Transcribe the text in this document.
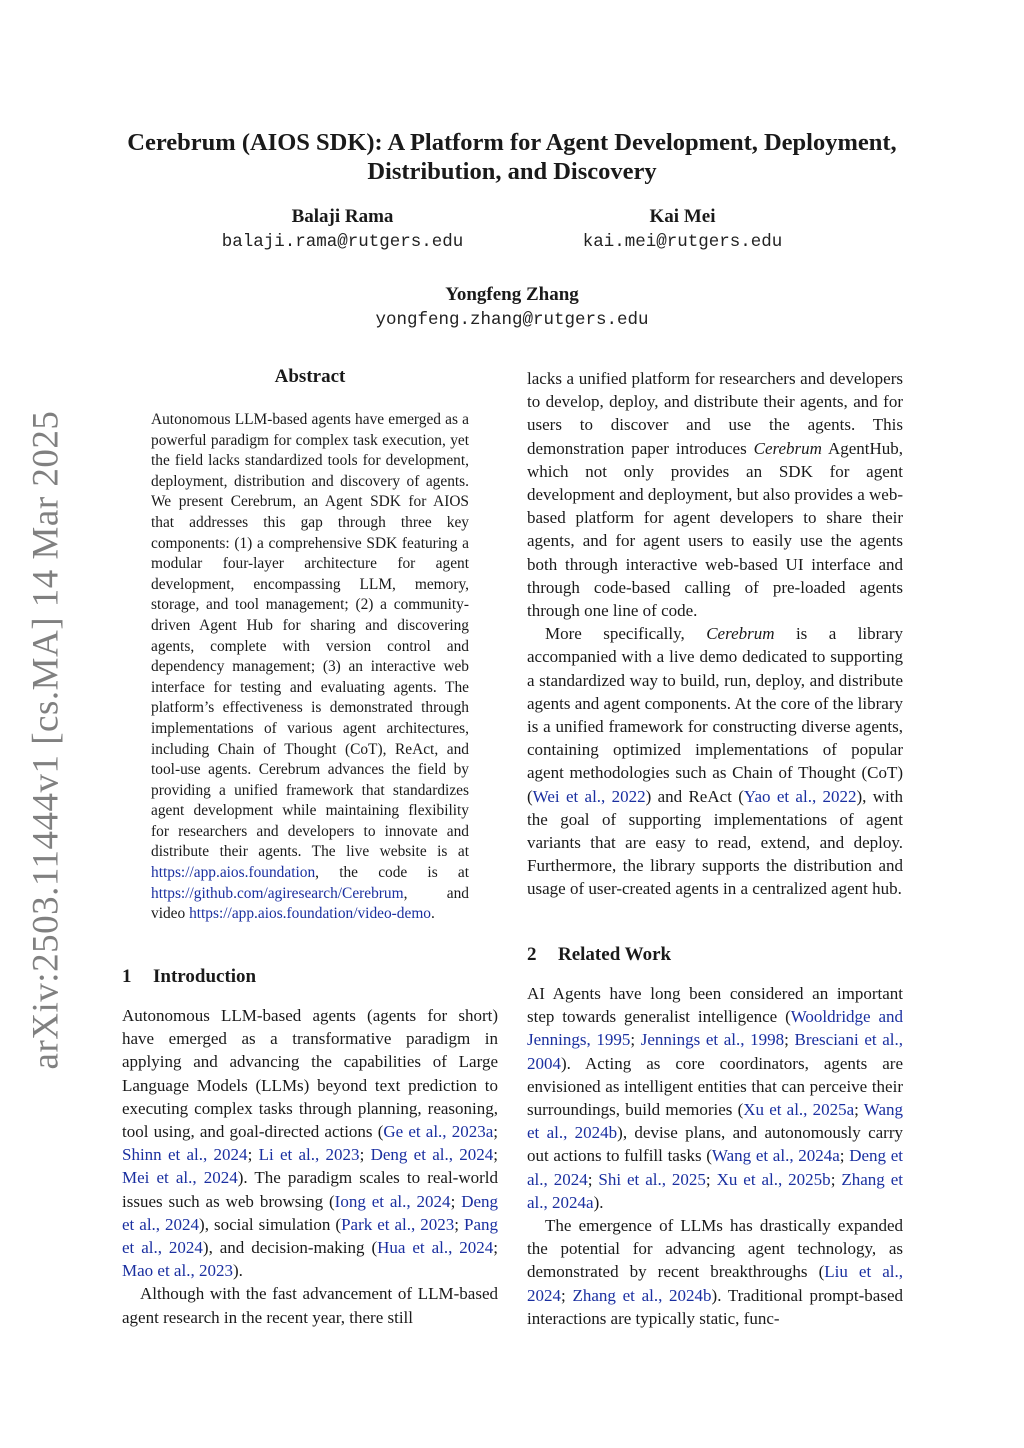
arXiv:2503.11444v1 [cs.MA] 14 Mar 2025
Cerebrum (AIOS SDK): A Platform for Agent Development, Deployment, Distribution, and Discovery
Balaji Rama
balaji.rama@rutgers.edu
Kai Mei
kai.mei@rutgers.edu
Yongfeng Zhang
yongfeng.zhang@rutgers.edu
Abstract
Autonomous LLM-based agents have emerged as a powerful paradigm for complex task execution, yet the field lacks standardized tools for development, deployment, distribution and discovery of agents. We present Cerebrum, an Agent SDK for AIOS that addresses this gap through three key components: (1) a comprehensive SDK featuring a modular four-layer architecture for agent development, encompassing LLM, memory, storage, and tool management; (2) a community-driven Agent Hub for sharing and discovering agents, complete with version control and dependency management; (3) an interactive web interface for testing and evaluating agents. The platform’s effectiveness is demonstrated through implementations of various agent architectures, including Chain of Thought (CoT), ReAct, and tool-use agents. Cerebrum advances the field by providing a unified framework that standardizes agent development while maintaining flexibility for researchers and developers to innovate and distribute their agents. The live website is at https://app.aios.foundation, the code is at https://github.com/agiresearch/Cerebrum, and video https://app.aios.foundation/video-demo.
1 Introduction

Autonomous LLM-based agents (agents for short) have emerged as a transformative paradigm in applying and advancing the capabilities of Large Language Models (LLMs) beyond text prediction to executing complex tasks through planning, reasoning, tool using, and goal-directed actions (Ge et al., 2023a; Shinn et al., 2024; Li et al., 2023; Deng et al., 2024; Mei et al., 2024). The paradigm scales to real-world issues such as web browsing (Iong et al., 2024; Deng et al., 2024), social simulation (Park et al., 2023; Pang et al., 2024), and decision-making (Hua et al., 2024; Mao et al., 2023).

Although with the fast advancement of LLM-based agent research in the recent year, there still

lacks a unified platform for researchers and developers to develop, deploy, and distribute their agents, and for users to discover and use the agents. This demonstration paper introduces Cerebrum AgentHub, which not only provides an SDK for agent development and deployment, but also provides a web-based platform for agent developers to share their agents, and for agent users to easily use the agents both through interactive web-based UI interface and through code-based calling of pre-loaded agents through one line of code.

More specifically, Cerebrum is a library accompanied with a live demo dedicated to supporting a standardized way to build, run, deploy, and distribute agents and agent components. At the core of the library is a unified framework for constructing diverse agents, containing optimized implementations of popular agent methodologies such as Chain of Thought (CoT) (Wei et al., 2022) and ReAct (Yao et al., 2022), with the goal of supporting implementations of agent variants that are easy to read, extend, and deploy. Furthermore, the library supports the distribution and usage of user-created agents in a centralized agent hub.

2 Related Work

AI Agents have long been considered an important step towards generalist intelligence (Wooldridge and Jennings, 1995; Jennings et al., 1998; Bresciani et al., 2004). Acting as core coordinators, agents are envisioned as intelligent entities that can perceive their surroundings, build memories (Xu et al., 2025a; Wang et al., 2024b), devise plans, and autonomously carry out actions to fulfill tasks (Wang et al., 2024a; Deng et al., 2024; Shi et al., 2025; Xu et al., 2025b; Zhang et al., 2024a).

The emergence of LLMs has drastically expanded the potential for advancing agent technology, as demonstrated by recent breakthroughs (Liu et al., 2024; Zhang et al., 2024b). Traditional prompt-based interactions are typically static, func-
